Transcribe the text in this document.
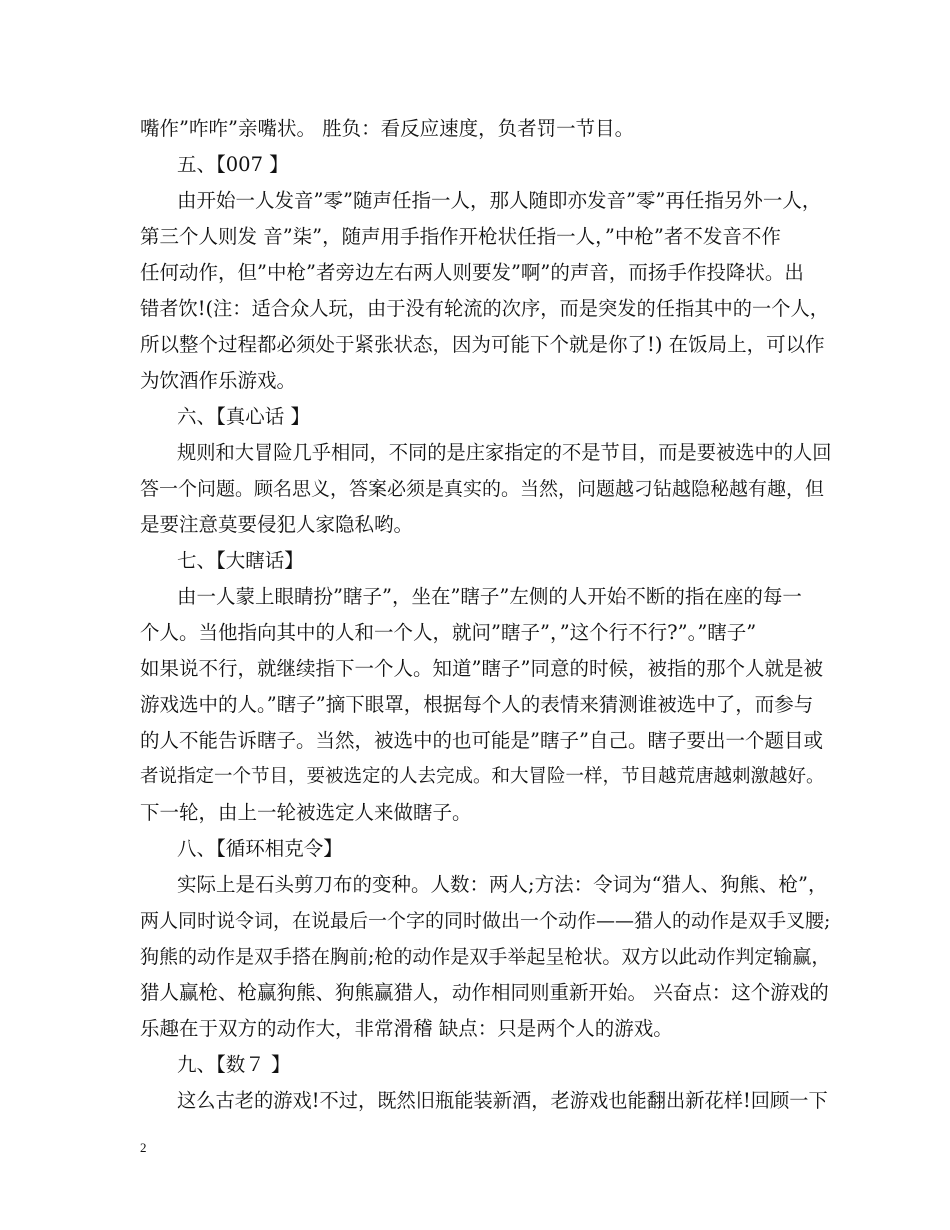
嘴作”咋咋”亲嘴状。 胜负：看反应速度，负者罚一节目。
五、【007 】
由开始一人发音”零”随声任指一人，那人随即亦发音”零”再任指另外一人，
第三个人则发 音”柒”，随声用手指作开枪状任指一人，”中枪”者不发音不作
任何动作，但”中枪”者旁边左右两人则要发”啊”的声音，而扬手作投降状。出
错者饮!(注：适合众人玩，由于没有轮流的次序，而是突发的任指其中的一个人，
所以整个过程都必须处于紧张状态，因为可能下个就是你了!) 在饭局上，可以作
为饮酒作乐游戏。
六、【真心话 】
规则和大冒险几乎相同，不同的是庄家指定的不是节目，而是要被选中的人回
答一个问题。顾名思义，答案必须是真实的。当然，问题越刁钻越隐秘越有趣，但
是要注意莫要侵犯人家隐私哟。
七、【大瞎话】
由一人蒙上眼睛扮”瞎子”，坐在”瞎子”左侧的人开始不断的指在座的每一
个人。当他指向其中的人和一个人，就问”瞎子”，”这个行不行?”。”瞎子”
如果说不行，就继续指下一个人。知道”瞎子”同意的时候，被指的那个人就是被
游戏选中的人。”瞎子”摘下眼罩，根据每个人的表情来猜测谁被选中了，而参与
的人不能告诉瞎子。当然，被选中的也可能是”瞎子”自己。瞎子要出一个题目或
者说指定一个节目，要被选定的人去完成。和大冒险一样，节目越荒唐越刺激越好。
下一轮，由上一轮被选定人来做瞎子。
八、【循环相克令】
实际上是石头剪刀布的变种。人数：两人;方法：令词为“猎人、狗熊、枪”，
两人同时说令词，在说最后一个字的同时做出一个动作——猎人的动作是双手叉腰;
狗熊的动作是双手搭在胸前;枪的动作是双手举起呈枪状。双方以此动作判定输赢，
猎人赢枪、枪赢狗熊、狗熊赢猎人，动作相同则重新开始。 兴奋点：这个游戏的
乐趣在于双方的动作大，非常滑稽 缺点：只是两个人的游戏。
九、【数７ 】
这么古老的游戏!不过，既然旧瓶能装新酒，老游戏也能翻出新花样!回顾一下
2
